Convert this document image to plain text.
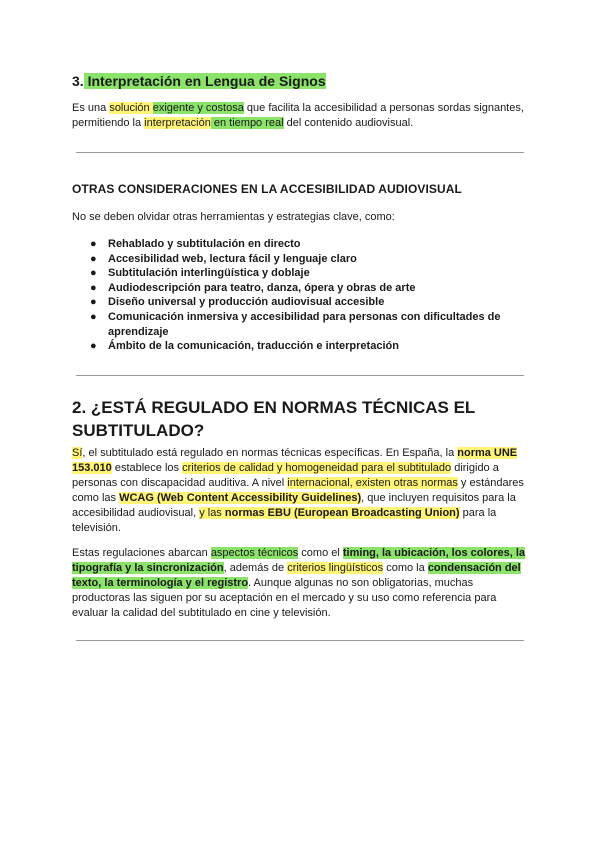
3. Interpretación en Lengua de Signos
Es una solución exigente y costosa que facilita la accesibilidad a personas sordas signantes, permitiendo la interpretación en tiempo real del contenido audiovisual.
OTRAS CONSIDERACIONES EN LA ACCESIBILIDAD AUDIOVISUAL
No se deben olvidar otras herramientas y estrategias clave, como:
● Rehablado y subtitulación en directo
● Accesibilidad web, lectura fácil y lenguaje claro
● Subtitulación interlingüística y doblaje
● Audiodescripción para teatro, danza, ópera y obras de arte
● Diseño universal y producción audiovisual accesible
● Comunicación inmersiva y accesibilidad para personas con dificultades de aprendizaje
● Ámbito de la comunicación, traducción e interpretación
2. ¿ESTÁ REGULADO EN NORMAS TÉCNICAS EL SUBTITULADO?
Sí, el subtitulado está regulado en normas técnicas específicas. En España, la norma UNE 153.010 establece los criterios de calidad y homogeneidad para el subtitulado dirigido a personas con discapacidad auditiva. A nivel internacional, existen otras normas y estándares como las WCAG (Web Content Accessibility Guidelines), que incluyen requisitos para la accesibilidad audiovisual, y las normas EBU (European Broadcasting Union) para la televisión.
Estas regulaciones abarcan aspectos técnicos como el timing, la ubicación, los colores, la tipografía y la sincronización, además de criterios lingüísticos como la condensación del texto, la terminología y el registro. Aunque algunas no son obligatorias, muchas productoras las siguen por su aceptación en el mercado y su uso como referencia para evaluar la calidad del subtitulado en cine y televisión.
